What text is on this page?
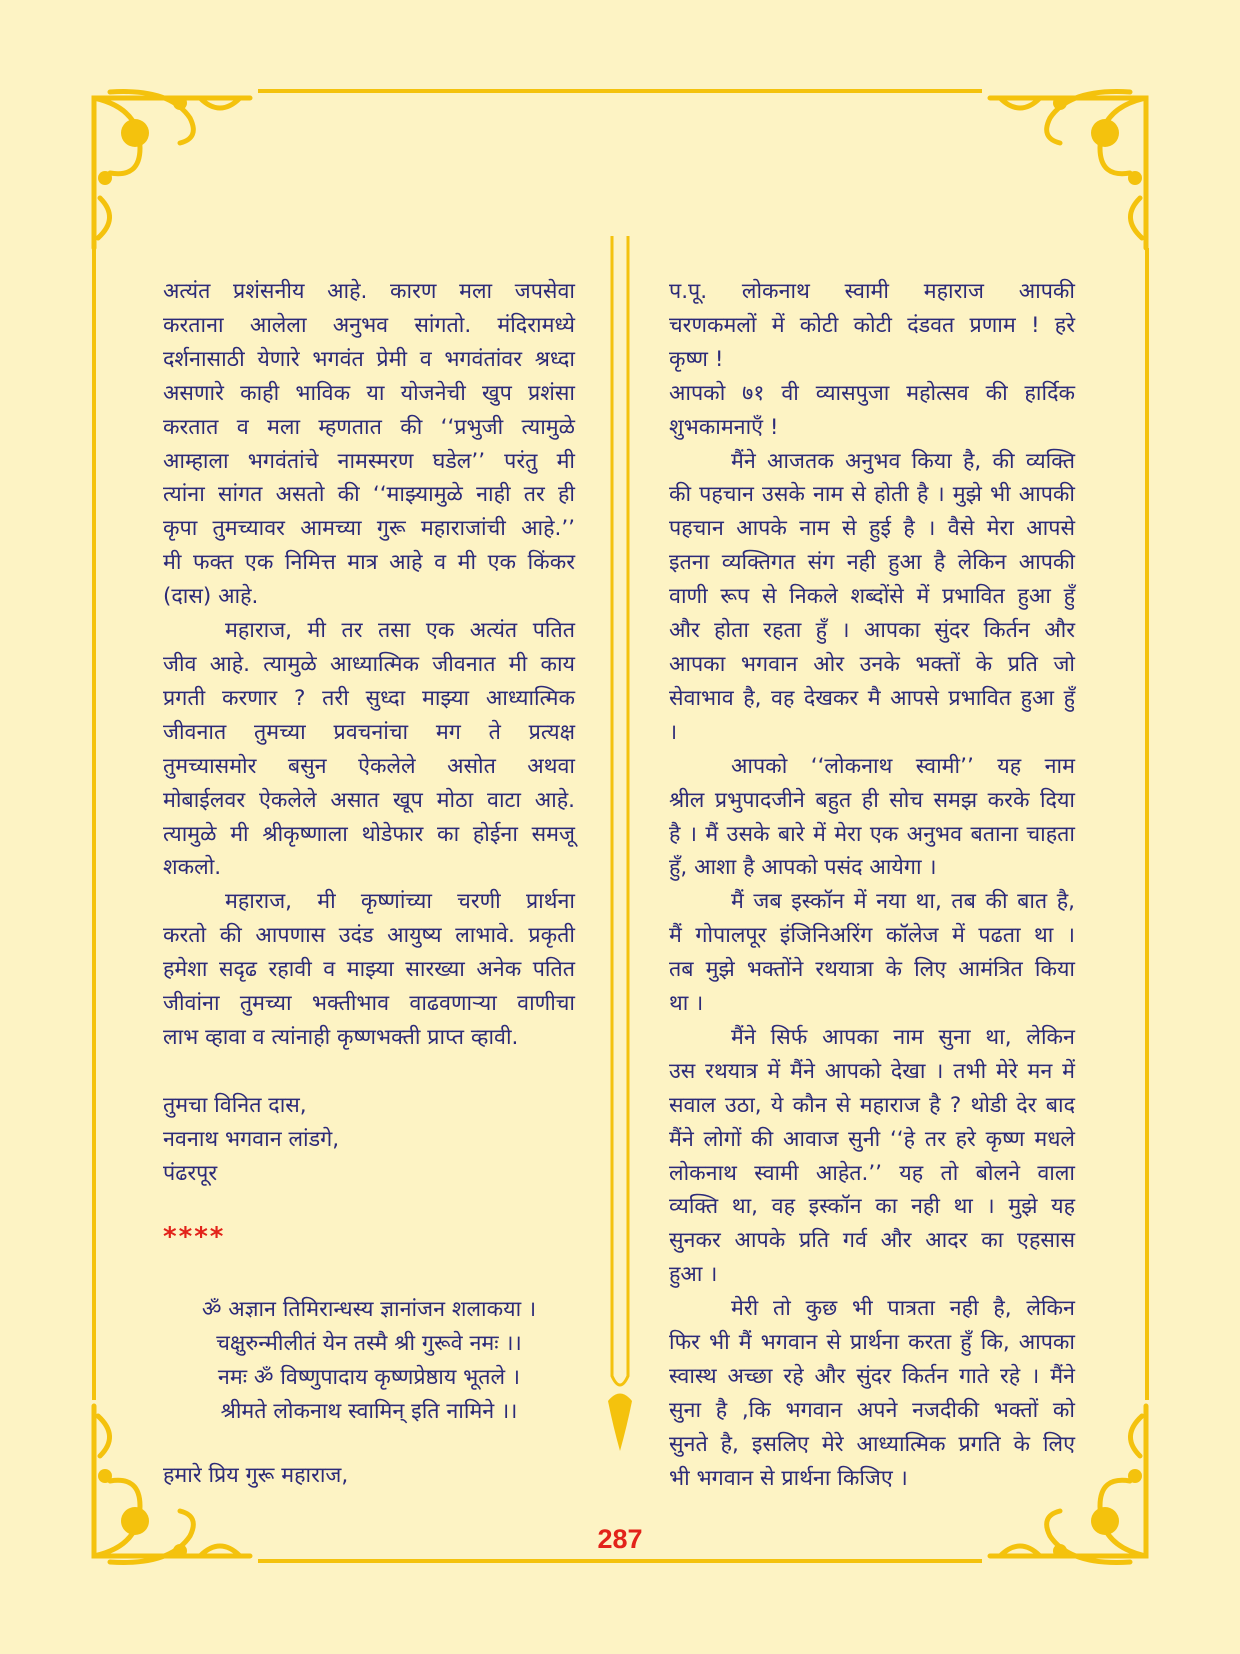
अत्यंत प्रशंसनीय आहे. कारण मला जपसेवा
करताना आलेला अनुभव सांगतो. मंदिरामध्ये
दर्शनासाठी येणारे भगवंत प्रेमी व भगवंतांवर श्रध्दा
असणारे काही भाविक या योजनेची खुप प्रशंसा
करतात व मला म्हणतात की ‘‘प्रभुजी त्यामुळे
आम्हाला भगवंतांचे नामस्मरण घडेल’’ परंतु मी
त्यांना सांगत असतो की ‘‘माझ्यामुळे नाही तर ही
कृपा तुमच्यावर आमच्या गुरू महाराजांची आहे.’’
मी फक्त एक निमित्त मात्र आहे व मी एक किंकर
(दास) आहे.
महाराज, मी तर तसा एक अत्यंत पतित
जीव आहे. त्यामुळे आध्यात्मिक जीवनात मी काय
प्रगती करणार ? तरी सुध्दा माझ्या आध्यात्मिक
जीवनात तुमच्या प्रवचनांचा मग ते प्रत्यक्ष
तुमच्यासमोर बसुन ऐकलेले असोत अथवा
मोबाईलवर ऐकलेले असात खूप मोठा वाटा आहे.
त्यामुळे मी श्रीकृष्णाला थोडेफार का होईना समजू
शकलो.
महाराज, मी कृष्णांच्या चरणी प्रार्थना
करतो की आपणास उदंड आयुष्य लाभावे. प्रकृती
हमेशा सदृढ रहावी व माझ्या सारख्या अनेक पतित
जीवांना तुमच्या भक्तीभाव वाढवणाऱ्या वाणीचा
लाभ व्हावा व त्यांनाही कृष्णभक्ती प्राप्त व्हावी.
तुमचा विनित दास,
नवनाथ भगवान लांडगे,
पंढरपूर
प.पू. लोकनाथ स्वामी महाराज आपकी
चरणकमलों में कोटी कोटी दंडवत प्रणाम ! हरे
कृष्ण !
आपको ७१ वी व्यासपुजा महोत्सव की हार्दिक
शुभकामनाएँ !
मैंने आजतक अनुभव किया है, की व्यक्ति
की पहचान उसके नाम से होती है । मुझे भी आपकी
पहचान आपके नाम से हुई है । वैसे मेरा आपसे
इतना व्यक्तिगत संग नही हुआ है लेकिन आपकी
वाणी रूप से निकले शब्दोंसे में प्रभावित हुआ हुँ
और होता रहता हुँ । आपका सुंदर किर्तन और
आपका भगवान ओर उनके भक्तों के प्रति जो
सेवाभाव है, वह देखकर मै आपसे प्रभावित हुआ हुँ
।
आपको ‘‘लोकनाथ स्वामी’’ यह नाम
श्रील प्रभुपादजीने बहुत ही सोच समझ करके दिया
है । मैं उसके बारे में मेरा एक अनुभव बताना चाहता
हुँ, आशा है आपको पसंद आयेगा ।
मैं जब इस्कॉन में नया था, तब की बात है,
मैं गोपालपूर इंजिनिअरिंग कॉलेज में पढता था ।
तब मुझे भक्तोंने रथयात्रा के लिए आमंत्रित किया
था ।
मैंने सिर्फ आपका नाम सुना था, लेकिन
उस रथयात्र में मैंने आपको देखा । तभी मेरे मन में
सवाल उठा, ये कौन से महाराज है ? थोडी देर बाद
मैंने लोगों की आवाज सुनी ‘‘हे तर हरे कृष्ण मधले
लोकनाथ स्वामी आहेत.’’ यह तो बोलने वाला
व्यक्ति था, वह इस्कॉन का नही था । मुझे यह
सुनकर आपके प्रति गर्व और आदर का एहसास
हुआ ।
मेरी तो कुछ भी पात्रता नही है, लेकिन
फिर भी मैं भगवान से प्रार्थना करता हुँ कि, आपका
स्वास्थ अच्छा रहे और सुंदर किर्तन गाते रहे । मैंने
सुना है ,कि भगवान अपने नजदीकी भक्तों को
सुनते है, इसलिए मेरे आध्यात्मिक प्रगति के लिए
भी भगवान से प्रार्थना किजिए ।
****
ॐ अज्ञान तिमिरान्धस्य ज्ञानांजन शलाकया ।
चक्षुरुन्मीलीतं येन तस्मै श्री गुरूवे नमः ।।
नमः ॐ विष्णुपादाय कृष्णप्रेष्ठाय भूतले ।
श्रीमते लोकनाथ स्वामिन् इति नामिने ।।
हमारे प्रिय गुरू महाराज,
287
